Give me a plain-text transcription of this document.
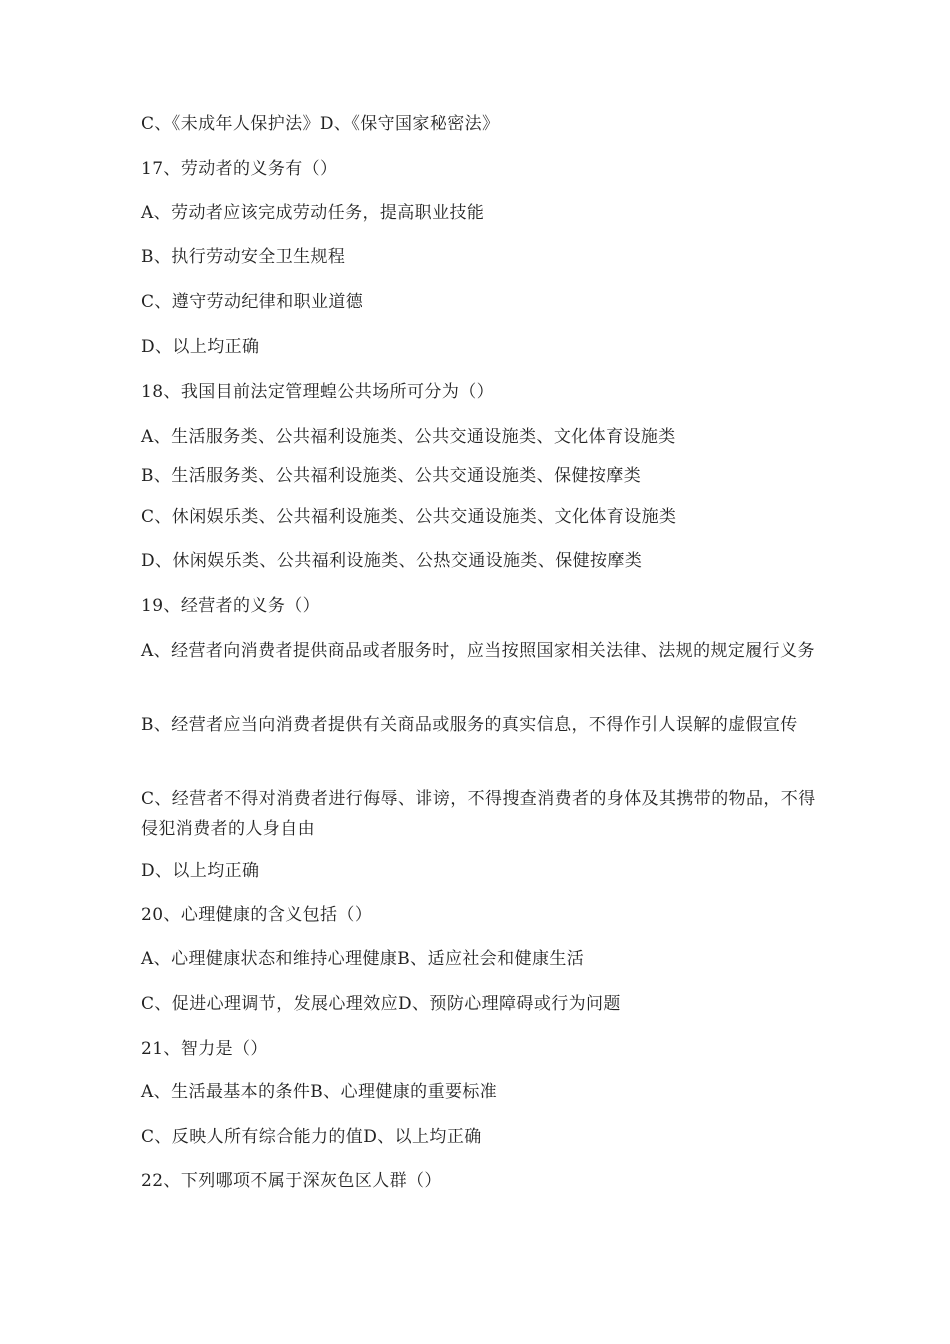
C、《未成年人保护法》D、《保守国家秘密法》
17、劳动者的义务有（）
A、劳动者应该完成劳动任务，提高职业技能
B、执行劳动安全卫生规程
C、遵守劳动纪律和职业道德
D、以上均正确
18、我国目前法定管理蝗公共场所可分为（）
A、生活服务类、公共福利设施类、公共交通设施类、文化体育设施类
B、生活服务类、公共福利设施类、公共交通设施类、保健按摩类
C、休闲娱乐类、公共福利设施类、公共交通设施类、文化体育设施类
D、休闲娱乐类、公共福利设施类、公热交通设施类、保健按摩类
19、经营者的义务（）
A、经营者向消费者提供商品或者服务时，应当按照国家相关法律、法规的规定履行义务
B、经营者应当向消费者提供有关商品或服务的真实信息，不得作引人误解的虚假宣传
C、经营者不得对消费者进行侮辱、诽谤，不得搜查消费者的身体及其携带的物品，不得侵犯消费者的人身自由
D、以上均正确
20、心理健康的含义包括（）
A、心理健康状态和维持心理健康B、适应社会和健康生活
C、促进心理调节，发展心理效应D、预防心理障碍或行为问题
21、智力是（）
A、生活最基本的条件B、心理健康的重要标准
C、反映人所有综合能力的值D、以上均正确
22、下列哪项不属于深灰色区人群（）
